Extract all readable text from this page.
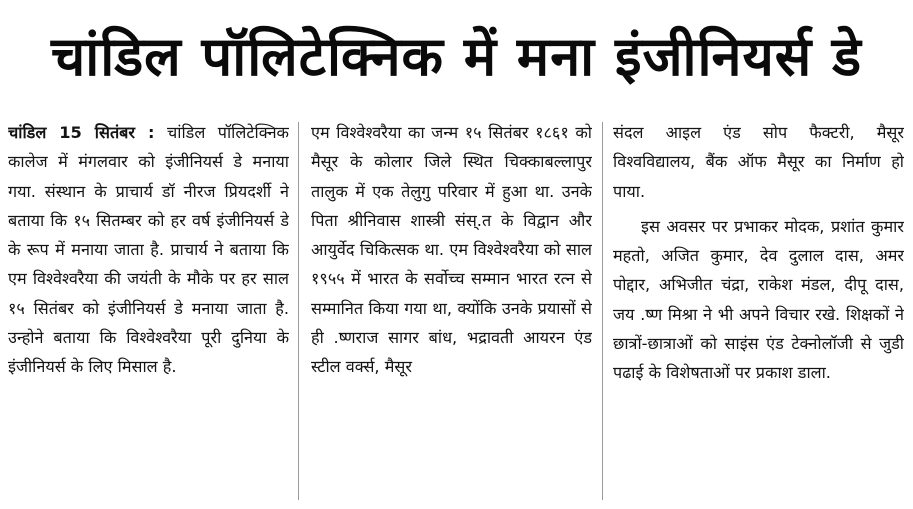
चांडिल पॉलिटेक्निक में मना इंजीनियर्स डे

चांडिल 15 सितंबर : चांडिल पॉलिटेक्निक कालेज में मंगलवार को इंजीनियर्स डे मनाया गया. संस्थान के प्राचार्य डॉ नीरज प्रियदर्शी ने बताया कि १५ सितम्बर को हर वर्ष इंजीनियर्स डे के रूप में मनाया जाता है. प्राचार्य ने बताया कि एम विश्वेश्वरैया की जयंती के मौके पर हर साल १५ सितंबर को इंजीनियर्स डे मनाया जाता है. उन्होने बताया कि विश्वेश्वरैया पूरी दुनिया के इंजीनियर्स के लिए मिसाल है.

एम विश्वेश्वरैया का जन्म १५ सितंबर १८६१ को मैसूर के कोलार जिले स्थित चिक्काबल्लापुर तालुक में एक तेलुगु परिवार में हुआ था. उनके पिता श्रीनिवास शास्त्री संस्.त के विद्वान और आयुर्वेद चिकित्सक था. एम विश्वेश्वरैया को साल १९५५ में भारत के सर्वोच्च सम्मान भारत रत्न से सम्मानित किया गया था, क्योंकि उनके प्रयासों से ही .ष्णराज सागर बांध, भद्रावती आयरन एंड स्टील वर्क्स, मैसूर

संदल आइल एंड सोप फैक्टरी, मैसूर विश्वविद्यालय, बैंक ऑफ मैसूर का निर्माण हो पाया.

इस अवसर पर प्रभाकर मोदक, प्रशांत कुमार महतो, अजित कुमार, देव दुलाल दास, अमर पोद्दार, अभिजीत चंद्रा, राकेश मंडल, दीपू दास, जय .ष्ण मिश्रा ने भी अपने विचार रखे. शिक्षकों ने छात्रों-छात्राओं को साइंस एंड टेक्नोलॉजी से जुडी पढाई के विशेषताओं पर प्रकाश डाला.
